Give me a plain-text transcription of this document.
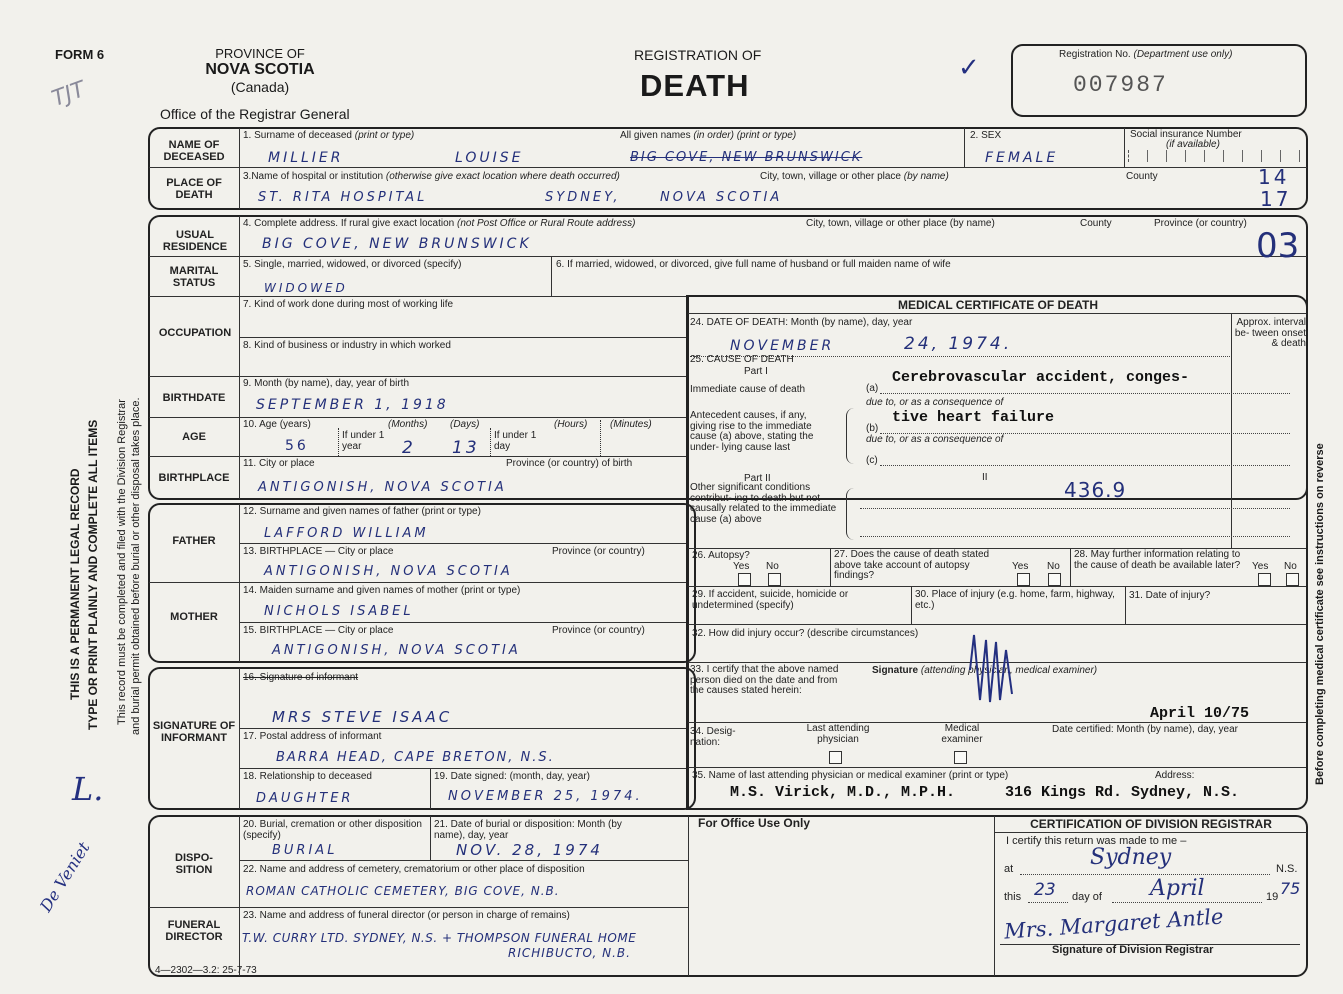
FORM 6
TJT
PROVINCE OF
NOVA SCOTIA
(Canada)
Office of the Registrar General
REGISTRATION OF
DEATH
✓	Registration No. (Department use only)
007987
THIS IS A PERMANENT LEGAL RECORD TYPE OR PRINT PLAINLY AND COMPLETE ALL ITEMS This record must be completed and filed with the Division Registrar and burial permit obtained before burial or other disposal takes place.	Before completing medical certificate see instructions on reverse
L.
De Veniet
NAME OF DECEASED
PLACE OF DEATH
1. Surname of deceased (print or type)	All given names (in order) (print or type)	2. SEX	Social insurance Number
(if available)
MILLIER	LOUISE	BIG COVE, NEW BRUNSWICK	FEMALE
3.Name of hospital or institution (otherwise give exact location where death occurred)	City, town, village or other place (by name)	County
ST. RITA HOSPITAL	SYDNEY,	NOVA SCOTIA
14
17
USUAL RESIDENCE
MARITAL STATUS
OCCUPATION
BIRTHDATE
AGE
BIRTHPLACE
4. Complete address. If rural give exact location (not Post Office or Rural Route address)	City, town, village or other place (by name)	County	Province (or country)
BIG COVE, NEW BRUNSWICK	03
5. Single, married, widowed, or divorced (specify)	6. If married, widowed, or divorced, give full name of husband or full maiden name of wife
WIDOWED
7. Kind of work done during most of working life
8. Kind of business or industry in which worked
9. Month (by name), day, year of birth
SEPTEMBER 1, 1918
10. Age (years)	(Months) (Days)	(Hours) (Minutes)
If under 1 year
If under 1 day
56	2 13
11. City or place	Province (or country) of birth
ANTIGONISH, NOVA SCOTIA
FATHER
MOTHER
12. Surname and given names of father (print or type)
LAFFORD WILLIAM
13. BIRTHPLACE — City or place	Province (or country)
ANTIGONISH, NOVA SCOTIA
14. Maiden surname and given names of mother (print or type)
NICHOLS ISABEL
15. BIRTHPLACE — City or place	Province (or country)
ANTIGONISH, NOVA SCOTIA
SIGNATURE OF INFORMANT
16. Signature of informant
MRS STEVE ISAAC
17. Postal address of informant
BARRA HEAD, CAPE BRETON, N.S.
18. Relationship to deceased	19. Date signed: (month, day, year)
DAUGHTER	NOVEMBER 25, 1974.
MEDICAL CERTIFICATE OF DEATH
24. DATE OF DEATH: Month (by name), day, year	Approx. interval be- tween onset & death
NOVEMBER	24, 1974.
25. CAUSE OF DEATH
Part I
Immediate cause of death	(a)
Cerebrovascular accident, conges-
due to, or as a consequence of
Antecedent causes, if any, giving rise to the immediate cause (a) above, stating the under- lying cause last
(b)
tive heart failure
due to, or as a consequence of
(c)
Part II	II
Other significant conditions contribut- ing to death but not causally related to the immediate cause (a) above
436.9
26. Autopsy?
Yes No
27. Does the cause of death stated above take account of autopsy findings?
Yes No
28. May further information relating to the cause of death be available later?	Yes No
29. If accident, suicide, homicide or undetermined (specify)
30. Place of injury (e.g. home, farm, highway, etc.)
31. Date of injury?
32. How did injury occur? (describe circumstances)
33. I certify that the above named person died on the date and from the causes stated herein:
Signature (attending physician, medical examiner)
April 10/75
34. Desig- nation:
Last attending physician
Medical examiner
Date certified: Month (by name), day, year
35. Name of last attending physician or medical examiner (print or type)	Address:
M.S. Virick, M.D., M.P.H.	316 Kings Rd. Sydney, N.S.
DISPO- SITION
FUNERAL DIRECTOR
20. Burial, cremation or other disposition (specify)
BURIAL
21. Date of burial or disposition: Month (by name), day, year
NOV. 28, 1974
22. Name and address of cemetery, crematorium or other place of disposition
ROMAN CATHOLIC CEMETERY, BIG COVE, N.B.
23. Name and address of funeral director (or person in charge of remains)
T.W. CURRY LTD. SYDNEY, N.S. + THOMPSON FUNERAL HOME
RICHIBUCTO, N.B.
For Office Use Only	CERTIFICATION OF DIVISION REGISTRAR
I certify this return was made to me –
at	N.S.
Sydney
this 23 day of April	19 75
Mrs. Margaret Antle
Signature of Division Registrar
4—2302—3.2: 25-7-73
